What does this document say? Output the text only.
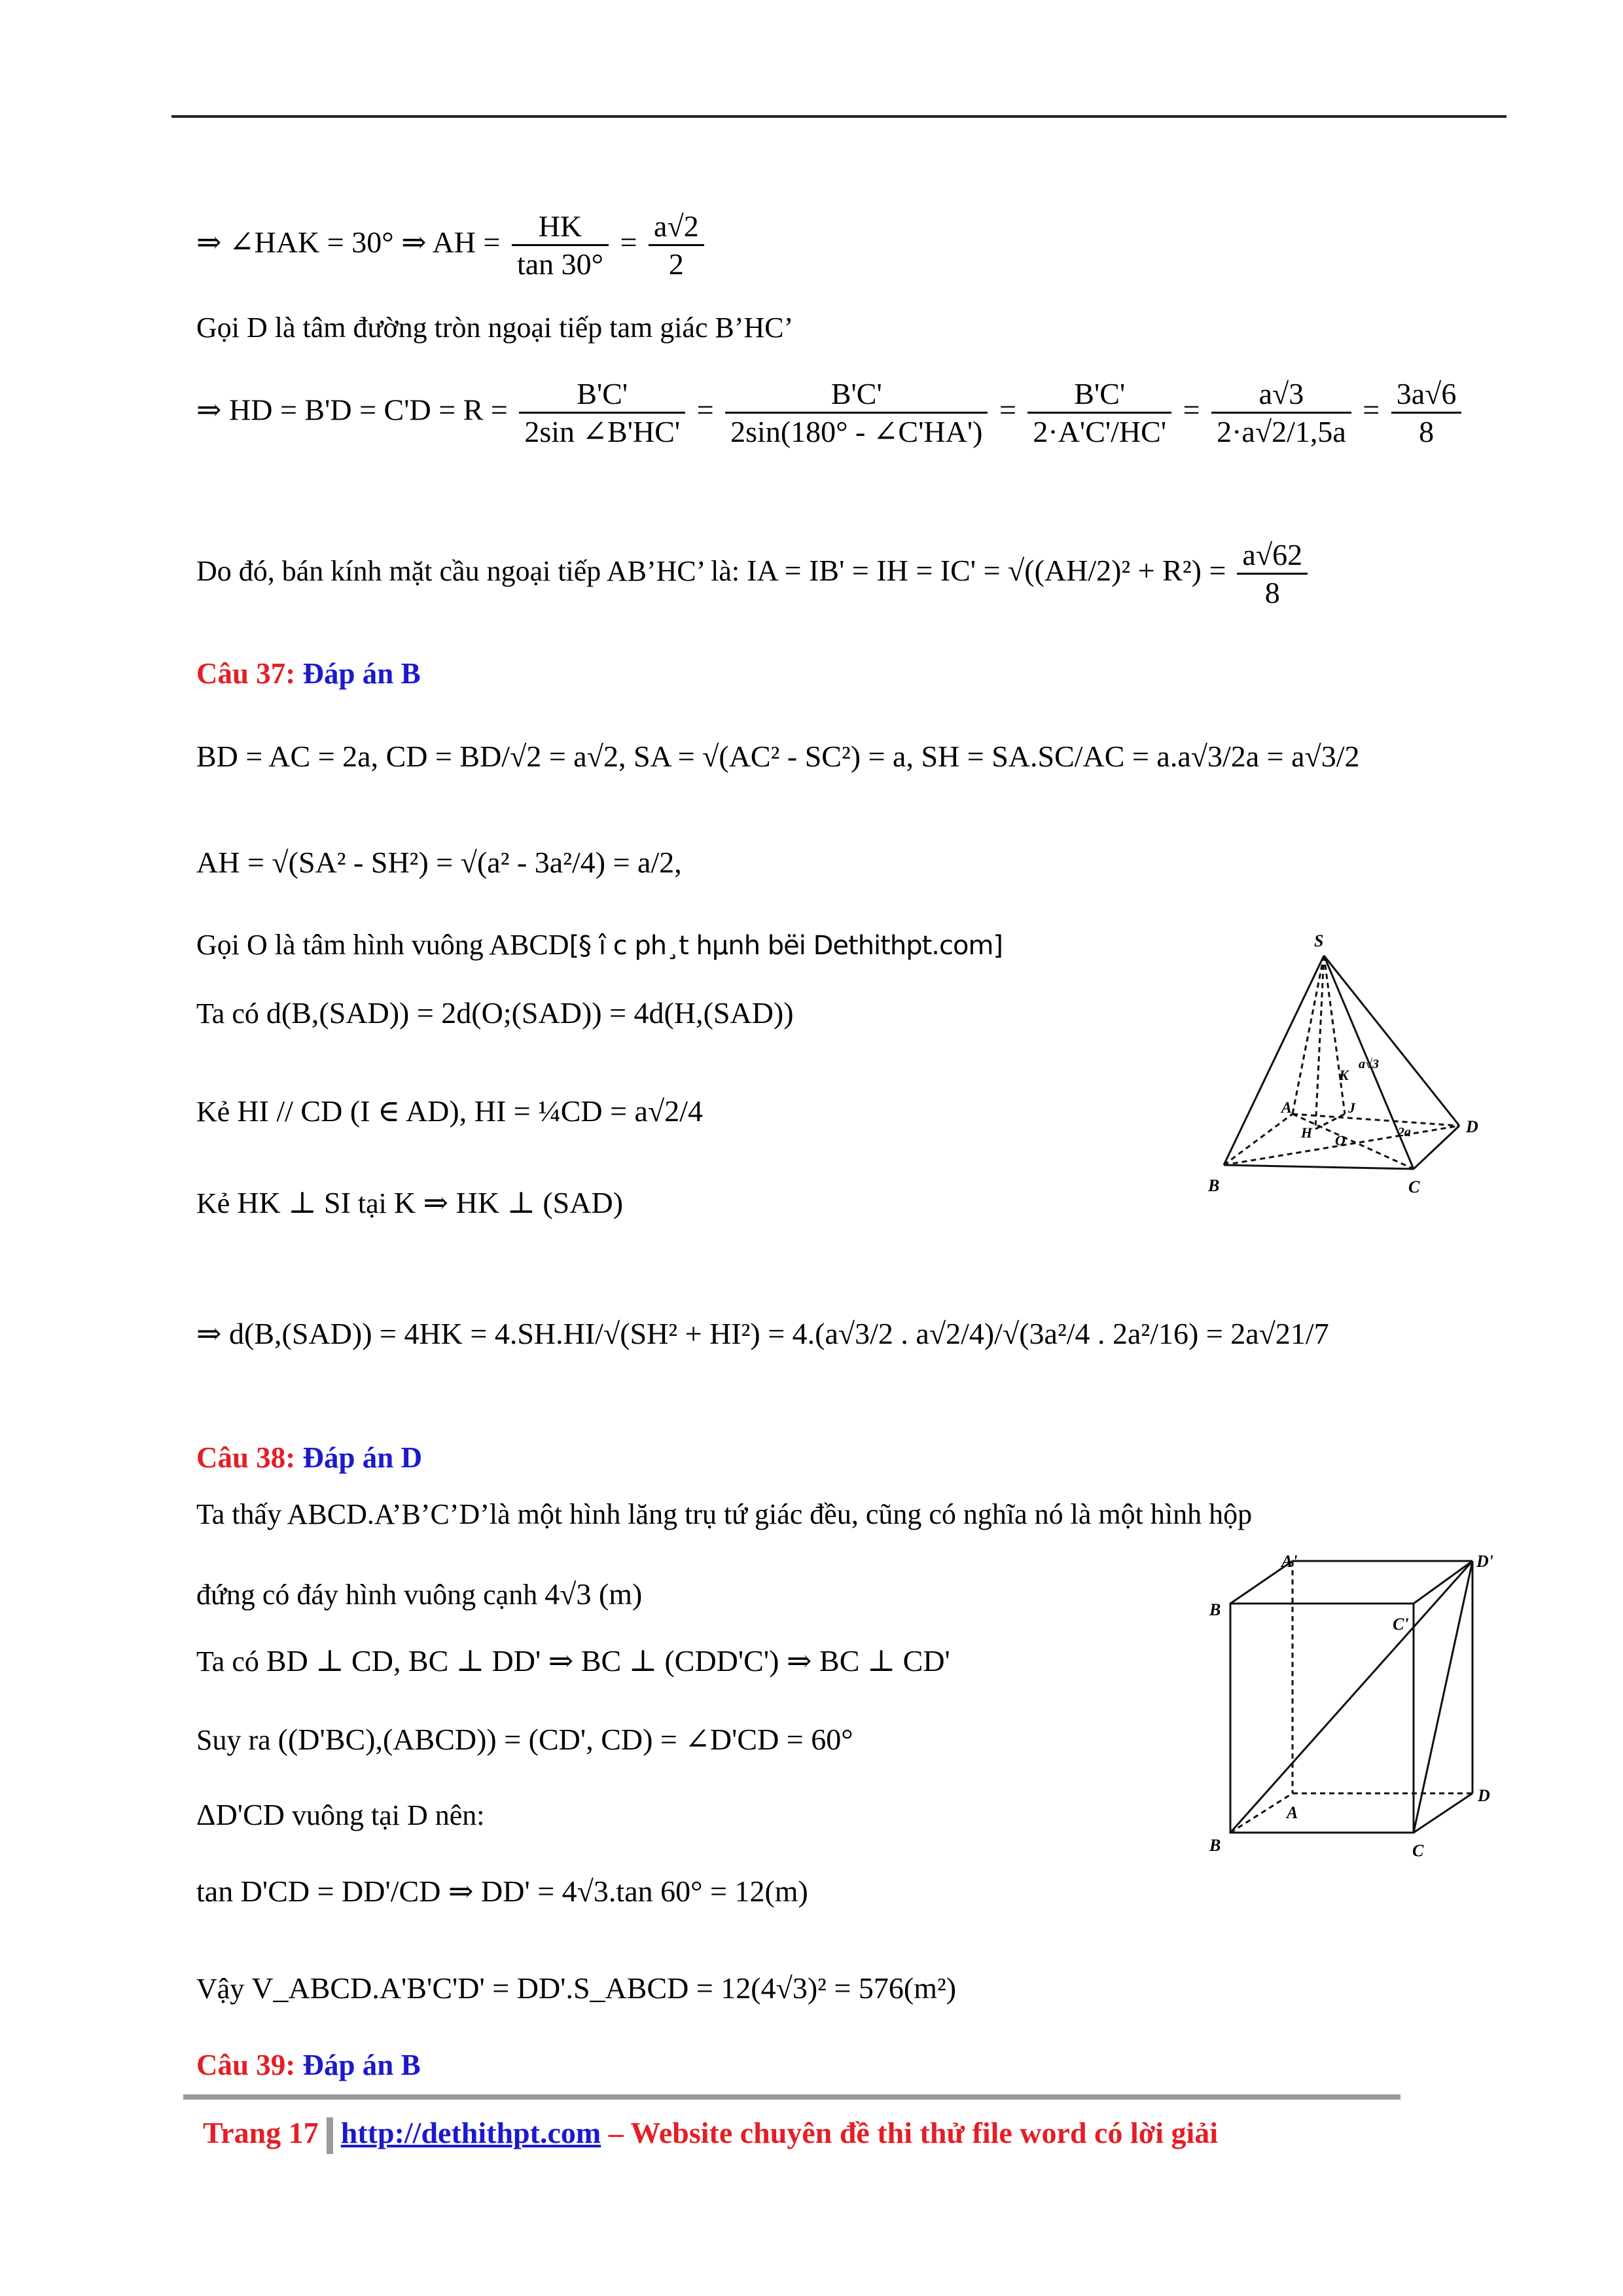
⇒ ∠HAK = 30° ⇒ AH = $\frac{HK}{\tan 30^\circ} = \frac{a√2}{2}$
Gọi D là tâm đường tròn ngoại tiếp tam giác B’HC’
⇒ HD = $B'D = C'D = R = \frac{B'C'}{2\sin \angle B'HC'} = \frac{B'C'}{2\sin(180^\circ - \angle C'HA')} = \frac{B'C'}{2\cdot A'C'/HC'} = \frac{a√3}{2\cdot a√2/1,5a} = \frac{3a√6}{8}$
Do đó, bán kính mặt cầu ngoại tiếp AB’HC’ là: IA = IB' = IH = $IC' = √((AH/2)^2 + R^2) = \frac{a√62}{8}$
Câu 37: Đáp án B
BD = AC = 2a, CD = BD/√2 = a√2, SA = √(AC² - SC²) = a, SH = SA.SC/AC = a.a√3/2a = a√3/2
AH = √(SA² - SH²) = √(a² - 3a²/4) = a/2,
Gọi O là tâm hình vuông ABCD[§ î c ph¸t hµnh bëi Dethithpt.com]
Ta có d(B,(SAD)) = 2d(O;(SAD)) = 4d(H,(SAD))
Kẻ HI // CD (I ∈ AD), HI = ¼CD = a√2/4
Kẻ HK ⊥ SI tại K ⇒ HK ⊥ (SAD)
⇒ d(B,(SAD)) = 4HK = 4.SH.HI/√(SH² + HI²) = 4.(a√3/2 . a√2/4)/√(3a²/4 . 2a²/16) = 2a√21/7
Câu 38: Đáp án D
Ta thấy ABCD.A’B’C’D’là một hình lăng trụ tứ giác đều, cũng có nghĩa nó là một hình hộp
đứng có đáy hình vuông cạnh 4√3 (m)
Ta có BD ⊥ CD, BC ⊥ DD' ⇒ BC ⊥ (CDD'C') ⇒ BC ⊥ CD'
Suy ra ((D'BC),(ABCD)) = (CD', CD) = ∠D'CD = 60°
ΔD'CD vuông tại D nên:
tan D'CD = DD'/CD ⇒ DD' = 4√3.tan 60° = 12(m)
Vậy V_ABCD.A'B'C'D' = DD'.S_ABCD = 12(4√3)² = 576(m²)
Câu 39: Đáp án B
S
A
B	C
D
H O
J
K
a√3
2a
A'	D'
B
C'
A
D
B	C
Trang 17 http://dethithpt.com – Website chuyên đề thi thử file word có lời giải
